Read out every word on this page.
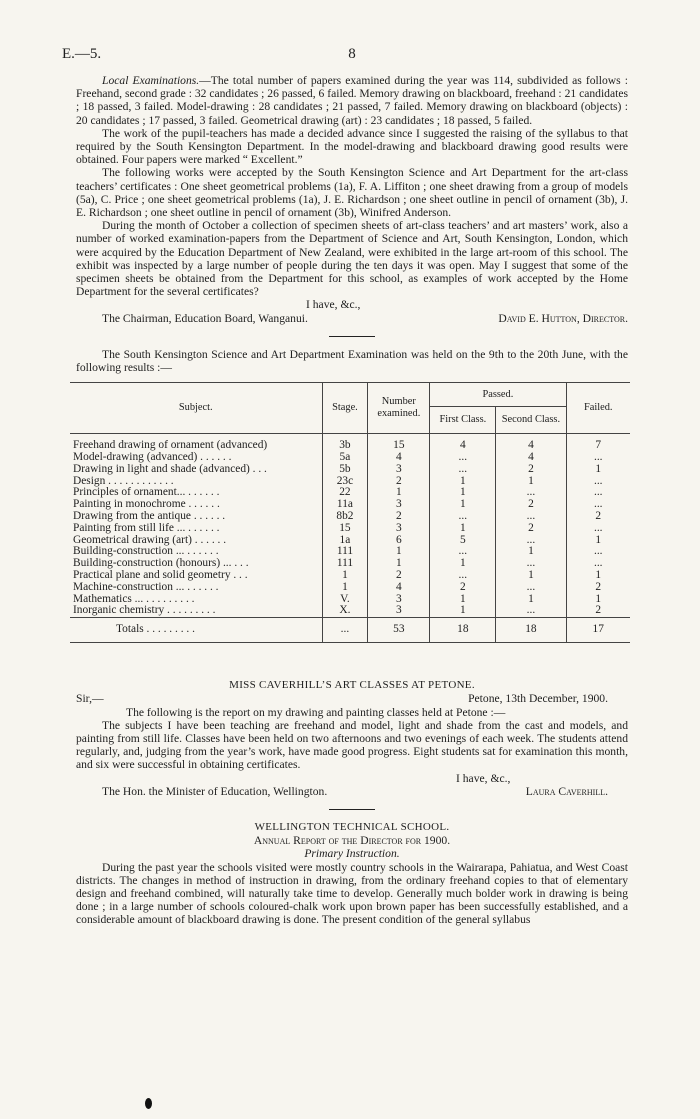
E.—5.	8

Local Examinations.—The total number of papers examined during the year was 114, subdivided as follows : Freehand, second grade : 32 candidates ; 26 passed, 6 failed. Memory drawing on blackboard, freehand : 21 candidates ; 18 passed, 3 failed. Model-drawing : 28 candidates ; 21 passed, 7 failed. Memory drawing on blackboard (objects) : 20 candidates ; 17 passed, 3 failed. Geometrical drawing (art) : 23 candidates ; 18 passed, 5 failed.

The work of the pupil-teachers has made a decided advance since I suggested the raising of the syllabus to that required by the South Kensington Department. In the model-drawing and blackboard drawing good results were obtained. Four papers were marked “ Excellent.”

The following works were accepted by the South Kensington Science and Art Department for the art-class teachers’ certificates : One sheet geometrical problems (1a), F. A. Liffiton ; one sheet drawing from a group of models (5a), C. Price ; one sheet geometrical problems (1a), J. E. Richardson ; one sheet outline in pencil of ornament (3b), J. E. Richardson ; one sheet outline in pencil of ornament (3b), Winifred Anderson.

During the month of October a collection of specimen sheets of art-class teachers’ and art masters’ work, also a number of worked examination-papers from the Department of Science and Art, South Kensington, London, which were acquired by the Education Department of New Zealand, were exhibited in the large art-room of this school. The exhibit was inspected by a large number of people during the ten days it was open. May I suggest that some of the specimen sheets be obtained from the Department for this school, as examples of work accepted by the Home Department for the several certificates?

I have, &c.,
The Chairman, Education Board, Wanganui.	David E. Hutton, Director.

The South Kensington Science and Art Department Examination was held on the 9th to the 20th June, with the following results :—

Subject.	Stage.	Number examined.	Passed.		Failed.
			First Class.	Second Class.	

Freehand drawing of ornament (advanced)	3b	15	4	4	7
Model-drawing (advanced) . . . . . .	5a	4	...	4	...
Drawing in light and shade (advanced) . . .	5b	3	...	2	1
Design . . . . . . . . . . . .	23c	2	1	1	...
Principles of ornament... . . . . . .	22	1	1	...	...
Painting in monochrome . . . . . .	11a	3	1	2	...
Drawing from the antique . . . . . .	8b2	2	...	...	2
Painting from still life ... . . . . . .	15	3	1	2	...
Geometrical drawing (art) . . . . . .	1a	6	5	...	1
Building-construction ... . . . . . .	111	1	...	1	...
Building-construction (honours) ... . . .	111	1	1	...	...
Practical plane and solid geometry . . .	1	2	...	1	1
Machine-construction ... . . . . . .	1	4	2	...	2
Mathematics ... . . . . . . . . .	V.	3	1	1	1
Inorganic chemistry . . . . . . . . .	X.	3	1	...	2
Totals . . . . . . . . .	...	53	18	18	17
MISS CAVERHILL’S ART CLASSES AT PETONE.
Sir,—	Petone, 13th December, 1900.

The following is the report on my drawing and painting classes held at Petone :—

The subjects I have been teaching are freehand and model, light and shade from the cast and models, and painting from still life. Classes have been held on two afternoons and two evenings of each week. The students attend regularly, and, judging from the year’s work, have made good progress. Eight students sat for examination this month, and six were successful in obtaining certificates.

I have, &c.,
The Hon. the Minister of Education, Wellington.	Laura Caverhill.
WELLINGTON TECHNICAL SCHOOL.
Annual Report of the Director for 1900.
Primary Instruction.

During the past year the schools visited were mostly country schools in the Wairarapa, Pahiatua, and West Coast districts. The changes in method of instruction in drawing, from the ordinary freehand copies to that of elementary design and freehand combined, will naturally take time to develop. Generally much bolder work in drawing is being done ; in a large number of schools coloured-chalk work upon brown paper has been successfully established, and a considerable amount of blackboard drawing is done. The present condition of the general syllabus
